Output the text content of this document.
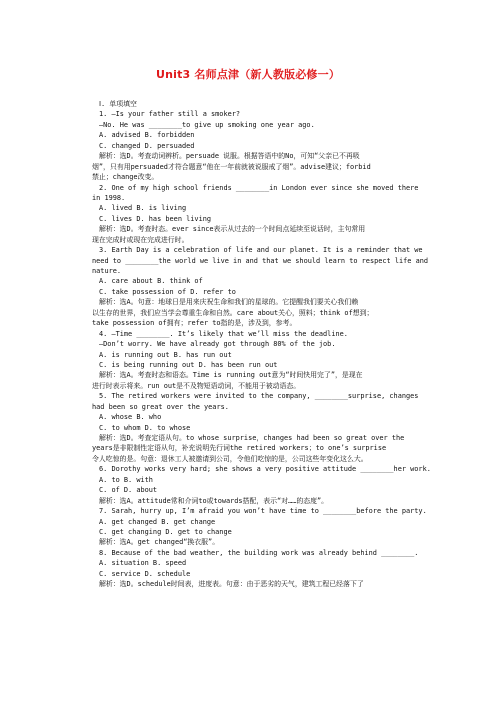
Unit3 名师点津（新人教版必修一）
Ⅰ. 单项填空
1. —Is your father still a smoker?
—No. He was ________to give up smoking one year ago.
A. advised B. forbidden
C. changed D. persuaded
解析：选D。考查动词辨析。persuade 说服。根据答语中的No，可知“父亲已不再吸
烟”，只有用persuaded才符合题意“他在一年前就被说服戒了烟”。advise建议；forbid
禁止；change改变。
2. One of my high school friends ________in London ever since she moved there
in 1998.
A. lived B. is living
C. lives D. has been living
解析：选D。考查时态。ever since表示从过去的一个时间点延续至说话时，主句常用
现在完成时或现在完成进行时。
3. Earth Day is a celebration of life and our planet. It is a reminder that we
need to ________the world we live in and that we should learn to respect life and
nature.
A. care about B. think of
C. take possession of D. refer to
解析：选A。句意：地球日是用来庆祝生命和我们的星球的。它提醒我们要关心我们赖
以生存的世界，我们应当学会尊重生命和自然。care about关心，照料；think of想到；
take possession of拥有；refer to指的是，涉及到，参考。
4. —Time ________. It’s likely that we’ll miss the deadline.
—Don’t worry. We have already got through 80% of the job.
A. is running out B. has run out
C. is being running out D. has been run out
解析：选A。考查时态和语态。Time is running out意为“时间快用完了”，是现在
进行时表示将来。run out是不及物短语动词，不能用于被动语态。
5. The retired workers were invited to the company, ________surprise, changes
had been so great over the years.
A. whose B. who
C. to whom D. to whose
解析：选D。考查定语从句。to whose surprise，changes had been so great over the
years是非限制性定语从句，补充说明先行词the retired workers；to one’s surprise
令人吃惊的是。句意：退休工人被邀请到公司，令他们吃惊的是，公司这些年变化这么大。
6. Dorothy works very hard; she shows a very positive attitude ________her work.
A. to B. with
C. of D. about
解析：选A。attitude常和介词to或towards搭配，表示“对……的态度”。
7. Sarah, hurry up, I’m afraid you won’t have time to ________before the party.
A. get changed B. get change
C. get changing D. get to change
解析：选A。get changed“换衣服”。
8. Because of the bad weather, the building work was already behind ________.
A. situation B. speed
C. service D. schedule
解析：选D。schedule时间表，进度表。句意：由于恶劣的天气，建筑工程已经落下了
